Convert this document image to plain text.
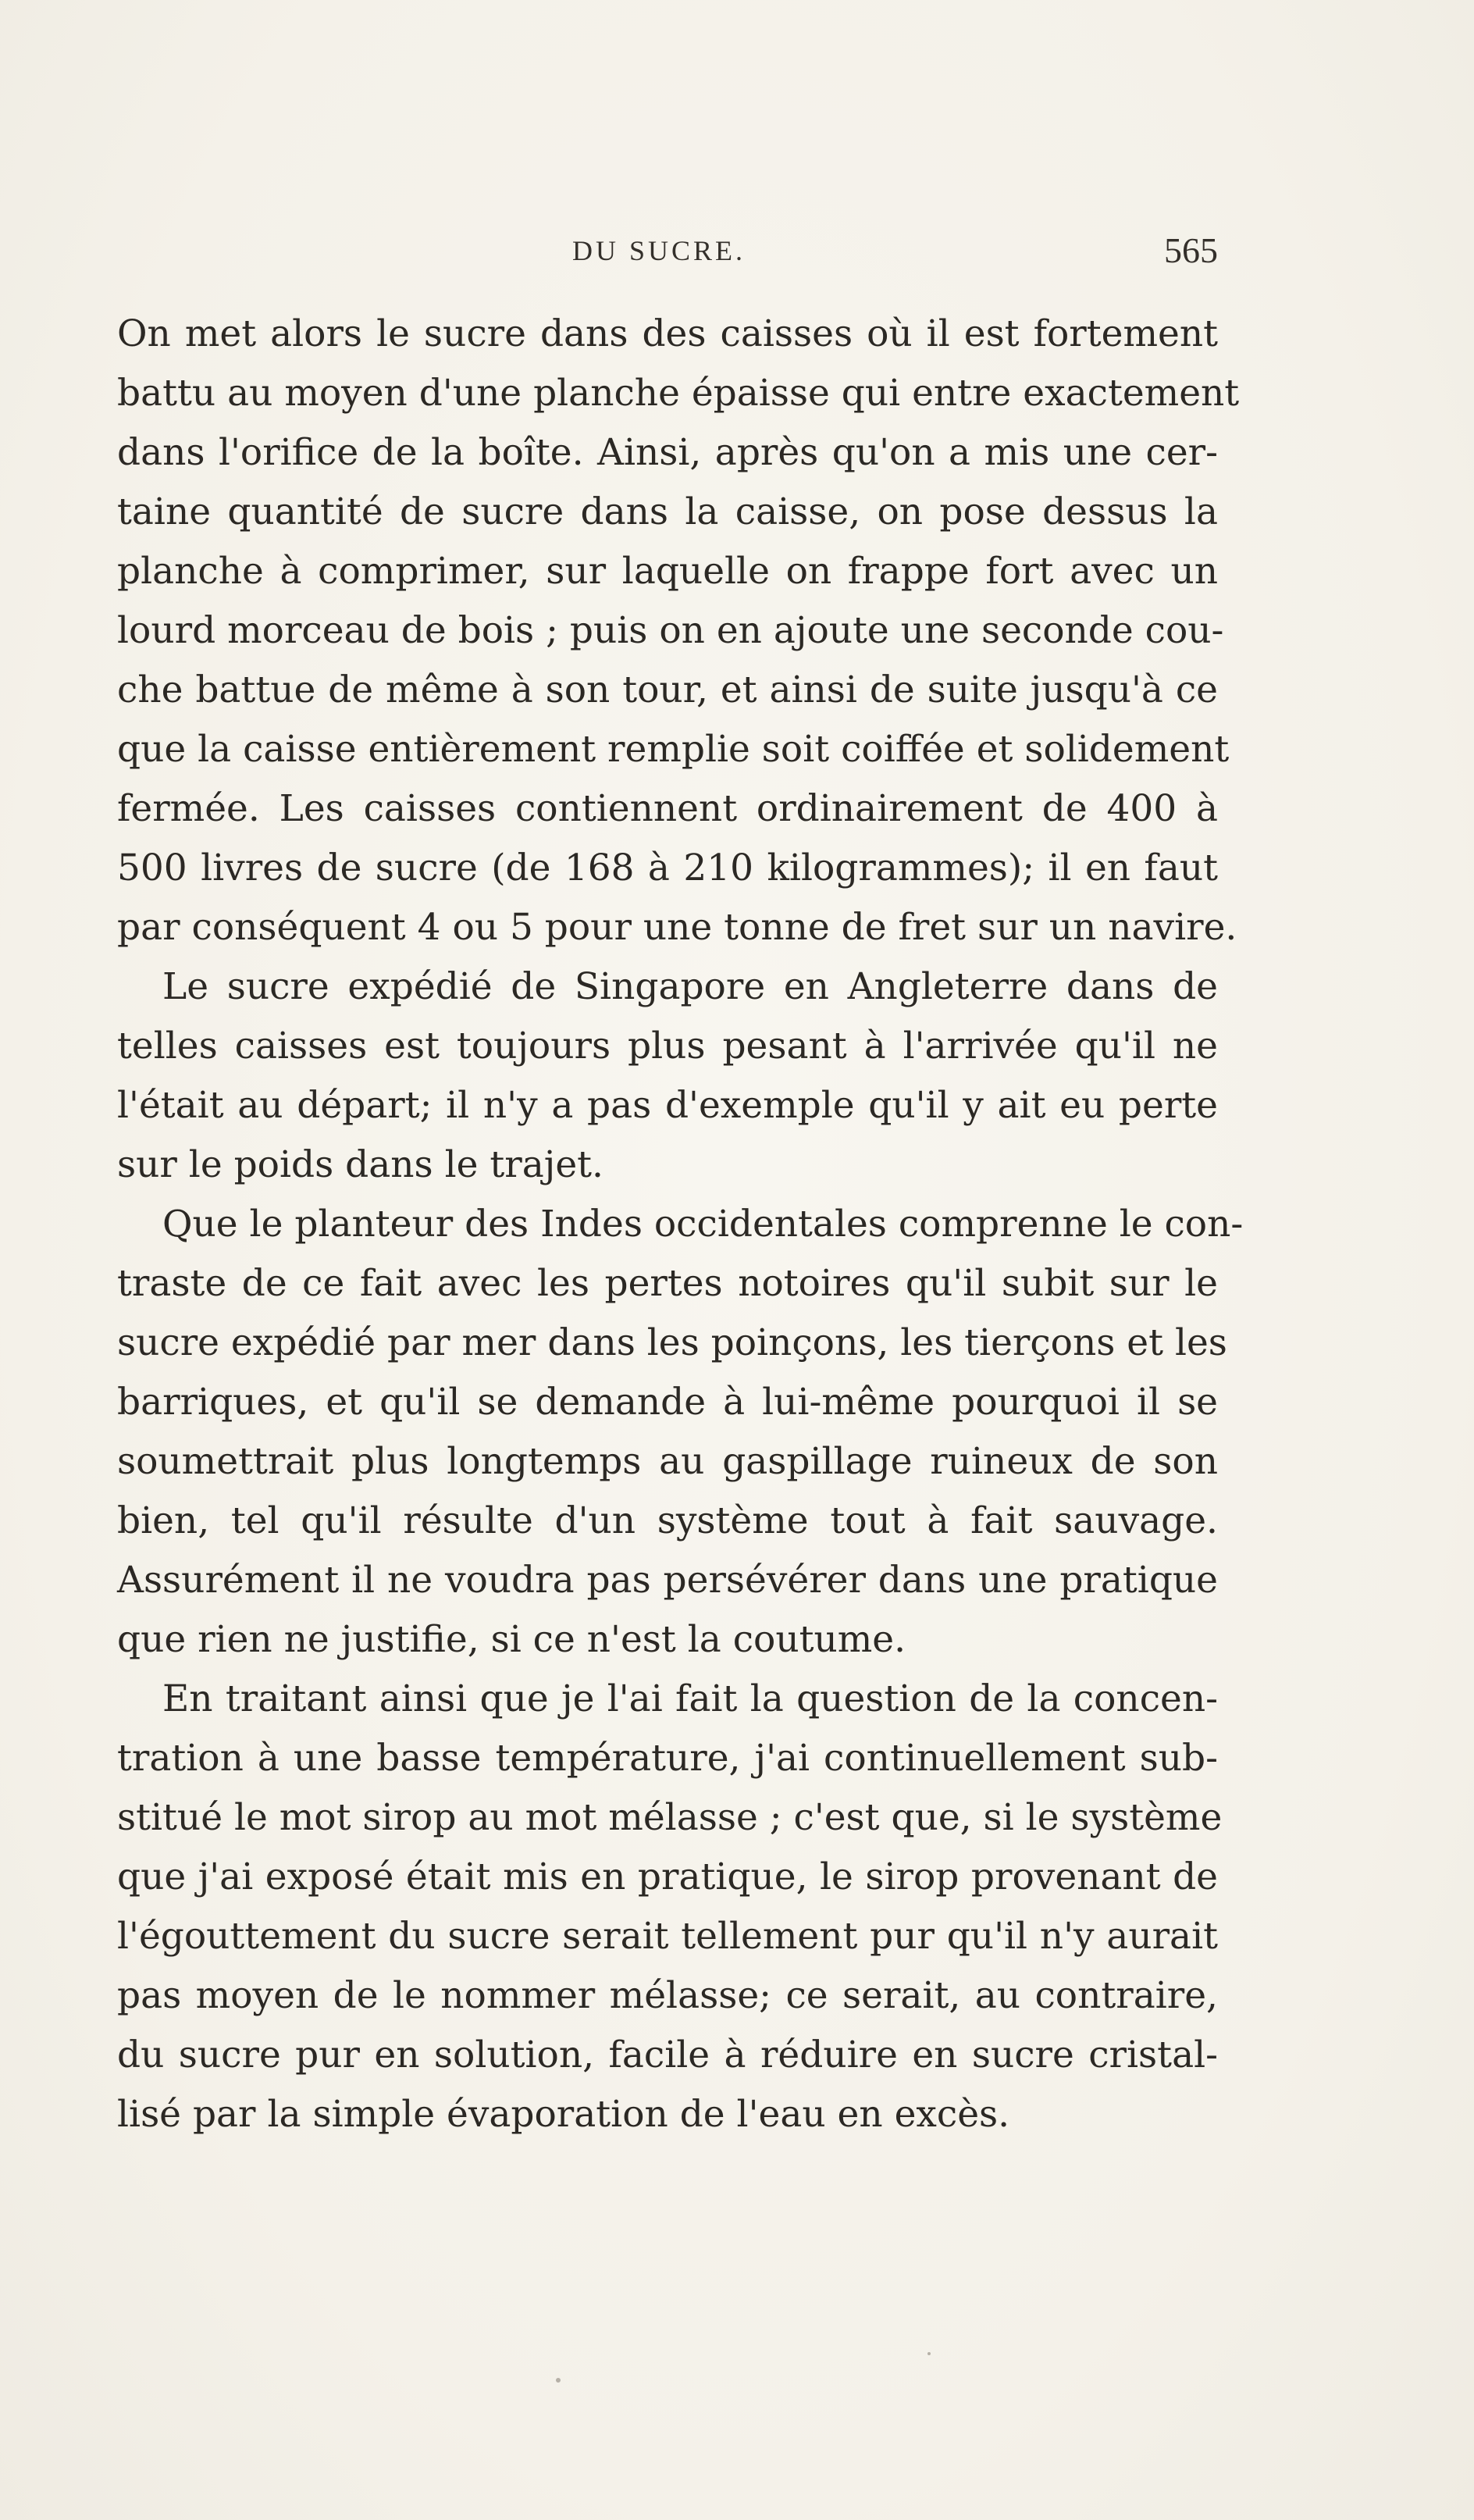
DU SUCRE.	565

On met alors le sucre dans des caisses où il est fortement
battu au moyen d'une planche épaisse qui entre exactement
dans l'orifice de la boîte. Ainsi, après qu'on a mis une cer-
taine quantité de sucre dans la caisse, on pose dessus la
planche à comprimer, sur laquelle on frappe fort avec un
lourd morceau de bois ; puis on en ajoute une seconde cou-
che battue de même à son tour, et ainsi de suite jusqu'à ce
que la caisse entièrement remplie soit coiffée et solidement
fermée. Les caisses contiennent ordinairement de 400 à
500 livres de sucre (de 168 à 210 kilogrammes); il en faut
par conséquent 4 ou 5 pour une tonne de fret sur un navire.

Le sucre expédié de Singapore en Angleterre dans de
telles caisses est toujours plus pesant à l'arrivée qu'il ne
l'était au départ; il n'y a pas d'exemple qu'il y ait eu perte
sur le poids dans le trajet.

Que le planteur des Indes occidentales comprenne le con-
traste de ce fait avec les pertes notoires qu'il subit sur le
sucre expédié par mer dans les poinçons, les tierçons et les
barriques, et qu'il se demande à lui-même pourquoi il se
soumettrait plus longtemps au gaspillage ruineux de son
bien, tel qu'il résulte d'un système tout à fait sauvage.
Assurément il ne voudra pas persévérer dans une pratique
que rien ne justifie, si ce n'est la coutume.

En traitant ainsi que je l'ai fait la question de la concen-
tration à une basse température, j'ai continuellement sub-
stitué le mot sirop au mot mélasse ; c'est que, si le système
que j'ai exposé était mis en pratique, le sirop provenant de
l'égouttement du sucre serait tellement pur qu'il n'y aurait
pas moyen de le nommer mélasse; ce serait, au contraire,
du sucre pur en solution, facile à réduire en sucre cristal-
lisé par la simple évaporation de l'eau en excès.
